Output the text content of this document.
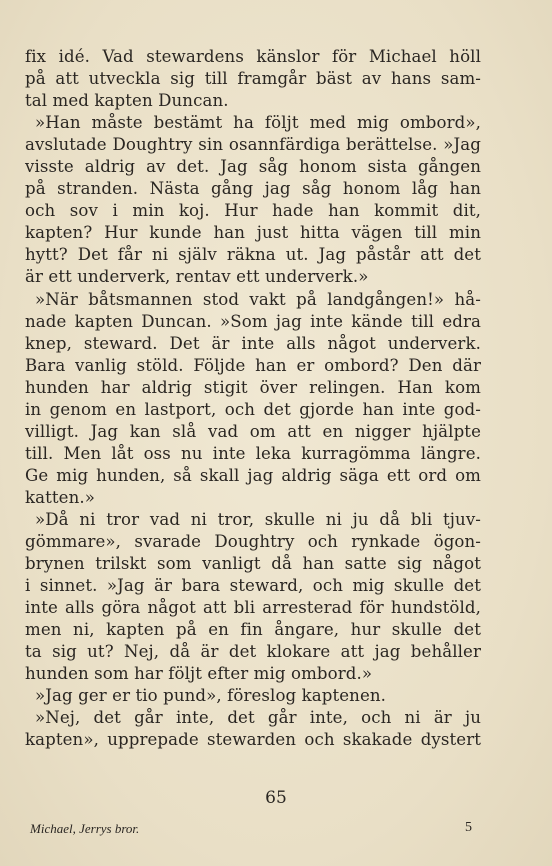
fix idé. Vad stewardens känslor för Michael höll
på att utveckla sig till framgår bäst av hans sam-
tal med kapten Duncan.
»Han måste bestämt ha följt med mig ombord»,
avslutade Doughtry sin osannfärdiga berättelse. »Jag
visste aldrig av det. Jag såg honom sista gången
på stranden. Nästa gång jag såg honom låg han
och sov i min koj. Hur hade han kommit dit,
kapten? Hur kunde han just hitta vägen till min
hytt? Det får ni själv räkna ut. Jag påstår att det
är ett underverk, rentav ett underverk.»
»När båtsmannen stod vakt på landgången!» hå-
nade kapten Duncan. »Som jag inte kände till edra
knep, steward. Det är inte alls något underverk.
Bara vanlig stöld. Följde han er ombord? Den där
hunden har aldrig stigit över relingen. Han kom
in genom en lastport, och det gjorde han inte god-
villigt. Jag kan slå vad om att en nigger hjälpte
till. Men låt oss nu inte leka kurragömma längre.
Ge mig hunden, så skall jag aldrig säga ett ord om
katten.»
»Då ni tror vad ni tror, skulle ni ju då bli tjuv-
gömmare», svarade Doughtry och rynkade ögon-
brynen trilskt som vanligt då han satte sig något
i sinnet. »Jag är bara steward, och mig skulle det
inte alls göra något att bli arresterad för hundstöld,
men ni, kapten på en fin ångare, hur skulle det
ta sig ut? Nej, då är det klokare att jag behåller
hunden som har följt efter mig ombord.»
»Jag ger er tio pund», föreslog kaptenen.
»Nej, det går inte, det går inte, och ni är ju
kapten», upprepade stewarden och skakade dystert
65
Michael, Jerrys bror.	5
